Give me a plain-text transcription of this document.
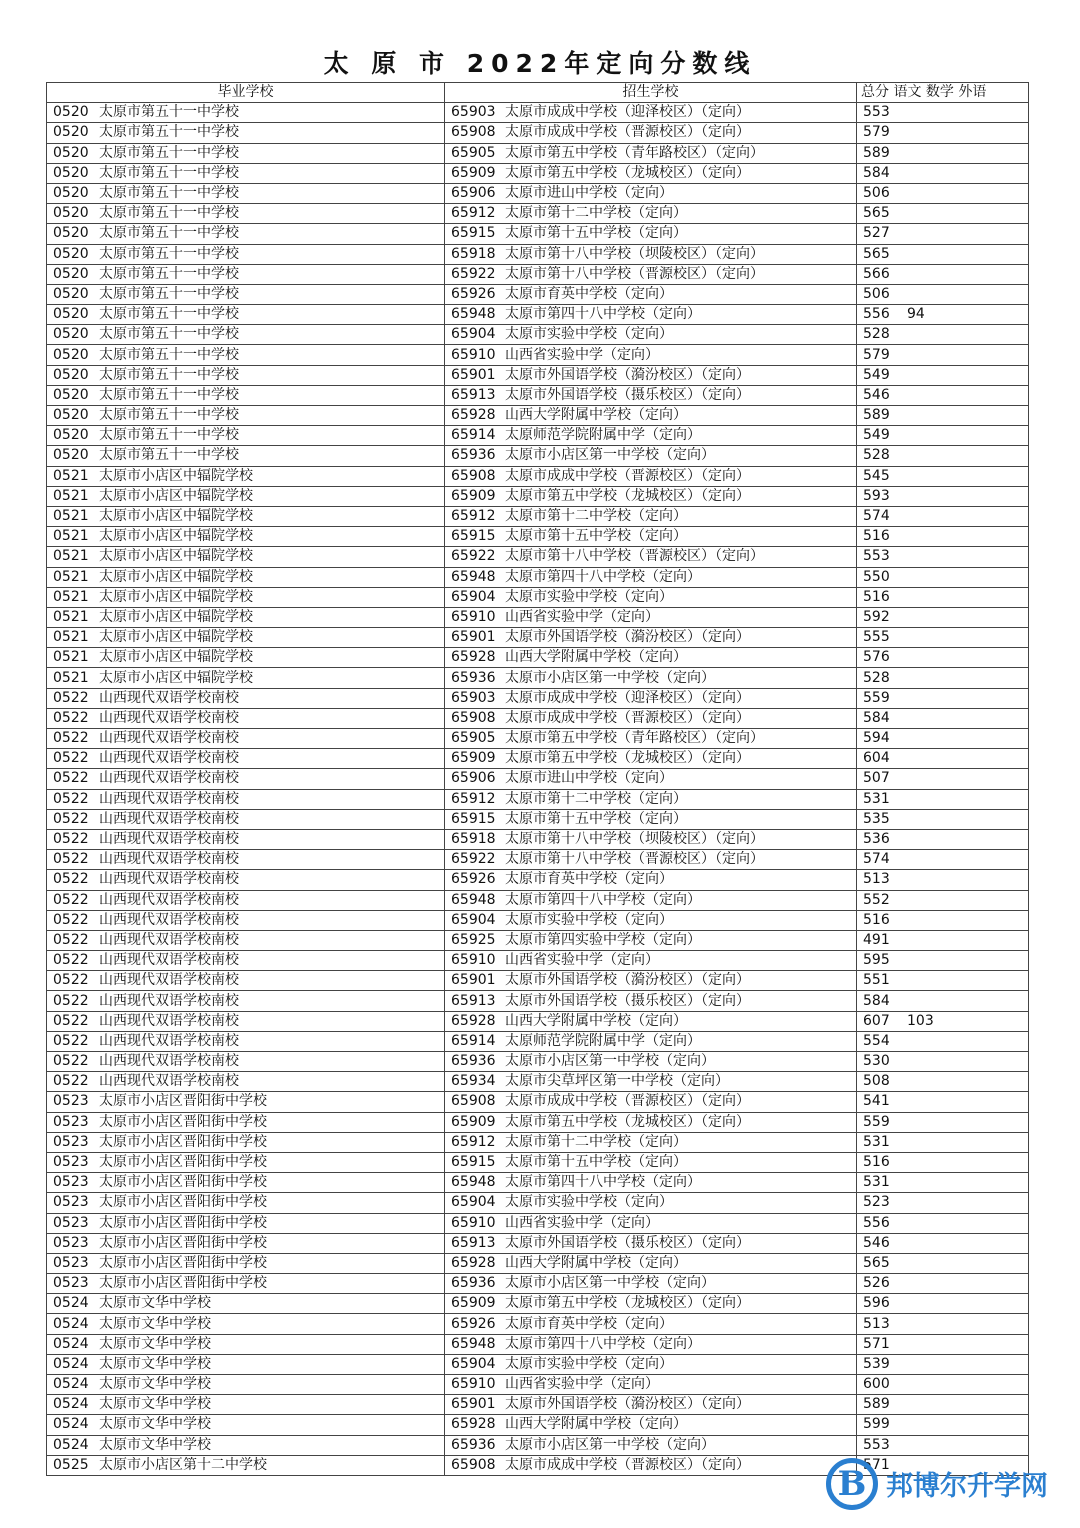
太 原 市 2022年定向分数线
毕业学校	招生学校	总分 语文 数学 外语
0520 太原市第五十一中学校	65903 太原市成成中学校（迎泽校区）（定向）	553
0520 太原市第五十一中学校	65908 太原市成成中学校（晋源校区）（定向）	579
0520 太原市第五十一中学校	65905 太原市第五中学校（青年路校区）（定向）	589
0520 太原市第五十一中学校	65909 太原市第五中学校（龙城校区）（定向）	584
0520 太原市第五十一中学校	65906 太原市进山中学校（定向）	506
0520 太原市第五十一中学校	65912 太原市第十二中学校（定向）	565
0520 太原市第五十一中学校	65915 太原市第十五中学校（定向）	527
0520 太原市第五十一中学校	65918 太原市第十八中学校（坝陵校区）（定向）	565
0520 太原市第五十一中学校	65922 太原市第十八中学校（晋源校区）（定向）	566
0520 太原市第五十一中学校	65926 太原市育英中学校（定向）	506
0520 太原市第五十一中学校	65948 太原市第四十八中学校（定向）	556 94
0520 太原市第五十一中学校	65904 太原市实验中学校（定向）	528
0520 太原市第五十一中学校	65910 山西省实验中学（定向）	579
0520 太原市第五十一中学校	65901 太原市外国语学校（漪汾校区）（定向）	549
0520 太原市第五十一中学校	65913 太原市外国语学校（摄乐校区）（定向）	546
0520 太原市第五十一中学校	65928 山西大学附属中学校（定向）	589
0520 太原市第五十一中学校	65914 太原师范学院附属中学（定向）	549
0520 太原市第五十一中学校	65936 太原市小店区第一中学校（定向）	528
0521 太原市小店区中辐院学校	65908 太原市成成中学校（晋源校区）（定向）	545
0521 太原市小店区中辐院学校	65909 太原市第五中学校（龙城校区）（定向）	593
0521 太原市小店区中辐院学校	65912 太原市第十二中学校（定向）	574
0521 太原市小店区中辐院学校	65915 太原市第十五中学校（定向）	516
0521 太原市小店区中辐院学校	65922 太原市第十八中学校（晋源校区）（定向）	553
0521 太原市小店区中辐院学校	65948 太原市第四十八中学校（定向）	550
0521 太原市小店区中辐院学校	65904 太原市实验中学校（定向）	516
0521 太原市小店区中辐院学校	65910 山西省实验中学（定向）	592
0521 太原市小店区中辐院学校	65901 太原市外国语学校（漪汾校区）（定向）	555
0521 太原市小店区中辐院学校	65928 山西大学附属中学校（定向）	576
0521 太原市小店区中辐院学校	65936 太原市小店区第一中学校（定向）	528
0522 山西现代双语学校南校	65903 太原市成成中学校（迎泽校区）（定向）	559
0522 山西现代双语学校南校	65908 太原市成成中学校（晋源校区）（定向）	584
0522 山西现代双语学校南校	65905 太原市第五中学校（青年路校区）（定向）	594
0522 山西现代双语学校南校	65909 太原市第五中学校（龙城校区）（定向）	604
0522 山西现代双语学校南校	65906 太原市进山中学校（定向）	507
0522 山西现代双语学校南校	65912 太原市第十二中学校（定向）	531
0522 山西现代双语学校南校	65915 太原市第十五中学校（定向）	535
0522 山西现代双语学校南校	65918 太原市第十八中学校（坝陵校区）（定向）	536
0522 山西现代双语学校南校	65922 太原市第十八中学校（晋源校区）（定向）	574
0522 山西现代双语学校南校	65926 太原市育英中学校（定向）	513
0522 山西现代双语学校南校	65948 太原市第四十八中学校（定向）	552
0522 山西现代双语学校南校	65904 太原市实验中学校（定向）	516
0522 山西现代双语学校南校	65925 太原市第四实验中学校（定向）	491
0522 山西现代双语学校南校	65910 山西省实验中学（定向）	595
0522 山西现代双语学校南校	65901 太原市外国语学校（漪汾校区）（定向）	551
0522 山西现代双语学校南校	65913 太原市外国语学校（摄乐校区）（定向）	584
0522 山西现代双语学校南校	65928 山西大学附属中学校（定向）	607 103
0522 山西现代双语学校南校	65914 太原师范学院附属中学（定向）	554
0522 山西现代双语学校南校	65936 太原市小店区第一中学校（定向）	530
0522 山西现代双语学校南校	65934 太原市尖草坪区第一中学校（定向）	508
0523 太原市小店区晋阳街中学校	65908 太原市成成中学校（晋源校区）（定向）	541
0523 太原市小店区晋阳街中学校	65909 太原市第五中学校（龙城校区）（定向）	559
0523 太原市小店区晋阳街中学校	65912 太原市第十二中学校（定向）	531
0523 太原市小店区晋阳街中学校	65915 太原市第十五中学校（定向）	516
0523 太原市小店区晋阳街中学校	65948 太原市第四十八中学校（定向）	531
0523 太原市小店区晋阳街中学校	65904 太原市实验中学校（定向）	523
0523 太原市小店区晋阳街中学校	65910 山西省实验中学（定向）	556
0523 太原市小店区晋阳街中学校	65913 太原市外国语学校（摄乐校区）（定向）	546
0523 太原市小店区晋阳街中学校	65928 山西大学附属中学校（定向）	565
0523 太原市小店区晋阳街中学校	65936 太原市小店区第一中学校（定向）	526
0524 太原市文华中学校	65909 太原市第五中学校（龙城校区）（定向）	596
0524 太原市文华中学校	65926 太原市育英中学校（定向）	513
0524 太原市文华中学校	65948 太原市第四十八中学校（定向）	571
0524 太原市文华中学校	65904 太原市实验中学校（定向）	539
0524 太原市文华中学校	65910 山西省实验中学（定向）	600
0524 太原市文华中学校	65901 太原市外国语学校（漪汾校区）（定向）	589
0524 太原市文华中学校	65928 山西大学附属中学校（定向）	599
0524 太原市文华中学校	65936 太原市小店区第一中学校（定向）	553
0525 太原市小店区第十二中学校	65908 太原市成成中学校（晋源校区）（定向）	571
B 邦博尔升学网
